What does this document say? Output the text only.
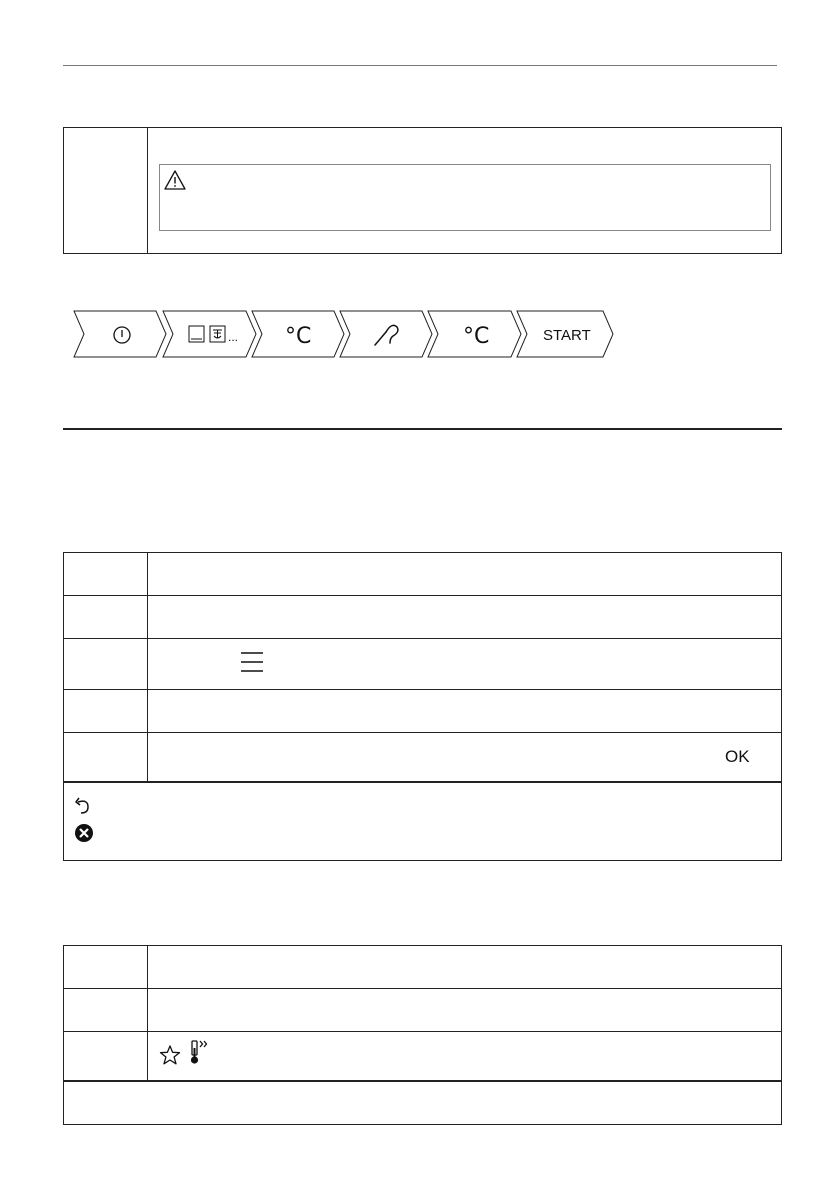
... °C	°C	START
OK
